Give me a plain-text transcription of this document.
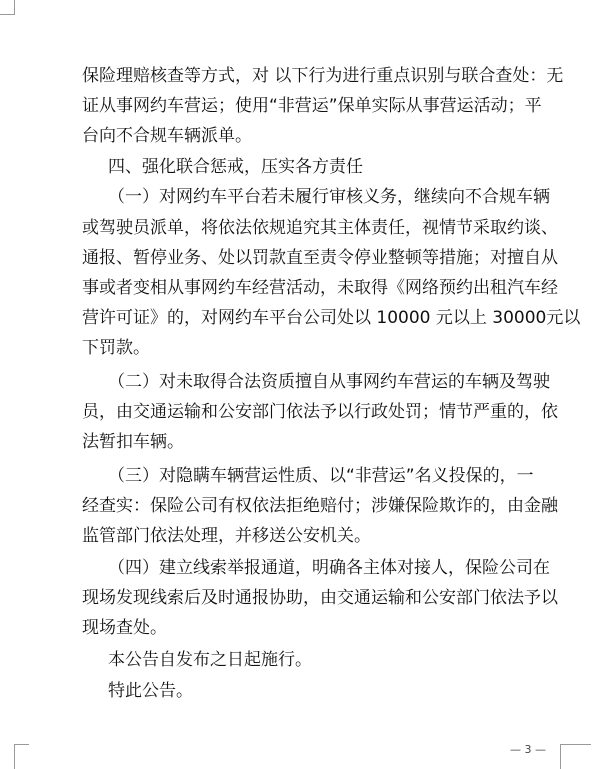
保险理赔核查等方式，对 以下行为进行重点识别与联合查处：无
证从事网约车营运；使用“非营运”保单实际从事营运活动；平
台向不合规车辆派单。
四、强化联合惩戒，压实各方责任
（一）对网约车平台若未履行审核义务，继续向不合规车辆
或驾驶员派单，将依法依规追究其主体责任，视情节采取约谈、
通报、暂停业务、处以罚款直至责令停业整顿等措施；对擅自从
事或者变相从事网约车经营活动，未取得《网络预约出租汽车经
营许可证》的，对网约车平台公司处以 10000 元以上 30000元以
下罚款。
（二）对未取得合法资质擅自从事网约车营运的车辆及驾驶
员，由交通运输和公安部门依法予以行政处罚；情节严重的，依
法暂扣车辆。
（三）对隐瞒车辆营运性质、以“非营运”名义投保的，一
经查实：保险公司有权依法拒绝赔付；涉嫌保险欺诈的，由金融
监管部门依法处理，并移送公安机关。
（四）建立线索举报通道，明确各主体对接人，保险公司在
现场发现线索后及时通报协助，由交通运输和公安部门依法予以
现场查处。
本公告自发布之日起施行。
特此公告。
— 3 —
